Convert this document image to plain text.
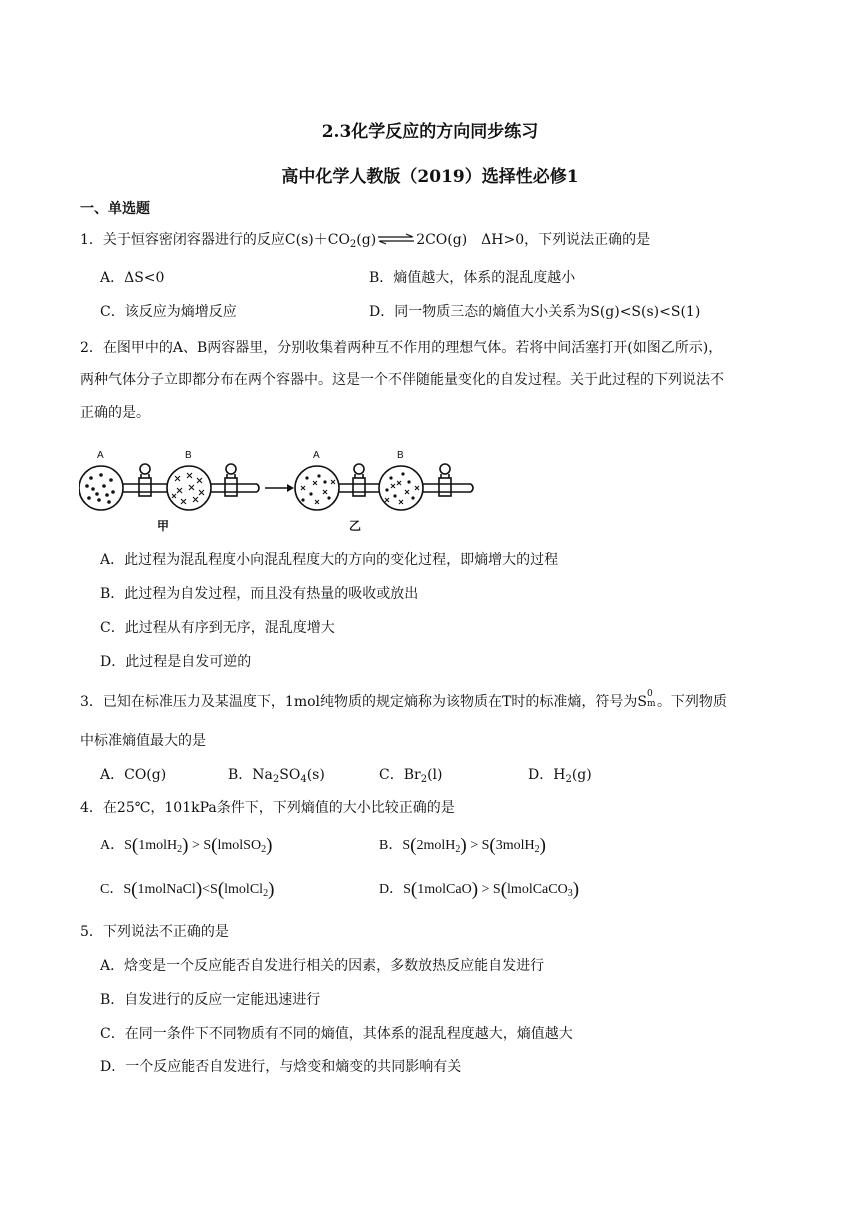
2.3化学反应的方向同步练习
高中化学人教版（2019）选择性必修1
一、单选题
1．关于恒容密闭容器进行的反应$C(s)+CO_2(g)\rightleftharpoons 2CO(g)$　ΔH>0，下列说法正确的是
A．ΔS<0	B．熵值越大，体系的混乱度越小
C．该反应为熵增反应	D．同一物质三态的熵值大小关系为S(g)<S(s)<S(1)
2．在图甲中的A、B两容器里，分别收集着两种互不作用的理想气体。若将中间活塞打开(如图乙所示)，
两种气体分子立即都分布在两个容器中。这是一个不伴随能量变化的自发过程。关于此过程的下列说法不
正确的是。
A	B	A	B
甲	乙
A．此过程为混乱程度小向混乱程度大的方向的变化过程，即熵增大的过程
B．此过程为自发过程，而且没有热量的吸收或放出
C．此过程从有序到无序，混乱度增大
D．此过程是自发可逆的
3．已知在标准压力及某温度下，1mol纯物质的规定熵称为该物质在T时的标准熵，符号为S 0
m 。下列物质
中标准熵值最大的是
A．CO(g)	B．$Na_2SO_4(s)$	C．$Br_2(l)$	D．$H_2(g)$
4．在25℃，101kPa条件下，下列熵值的大小比较正确的是
A．S(1molH$_2$) > S(lmolSO$_2$)	B．S(2molH$_2$) > S(3molH$_2$)
C．S(1molNaCl)<S(lmolCl$_2$)	D．S(1molCaO) > S(lmolCaCO$_3$)
5．下列说法不正确的是
A．焓变是一个反应能否自发进行相关的因素，多数放热反应能自发进行
B．自发进行的反应一定能迅速进行
C．在同一条件下不同物质有不同的熵值，其体系的混乱程度越大，熵值越大
D．一个反应能否自发进行，与焓变和熵变的共同影响有关
